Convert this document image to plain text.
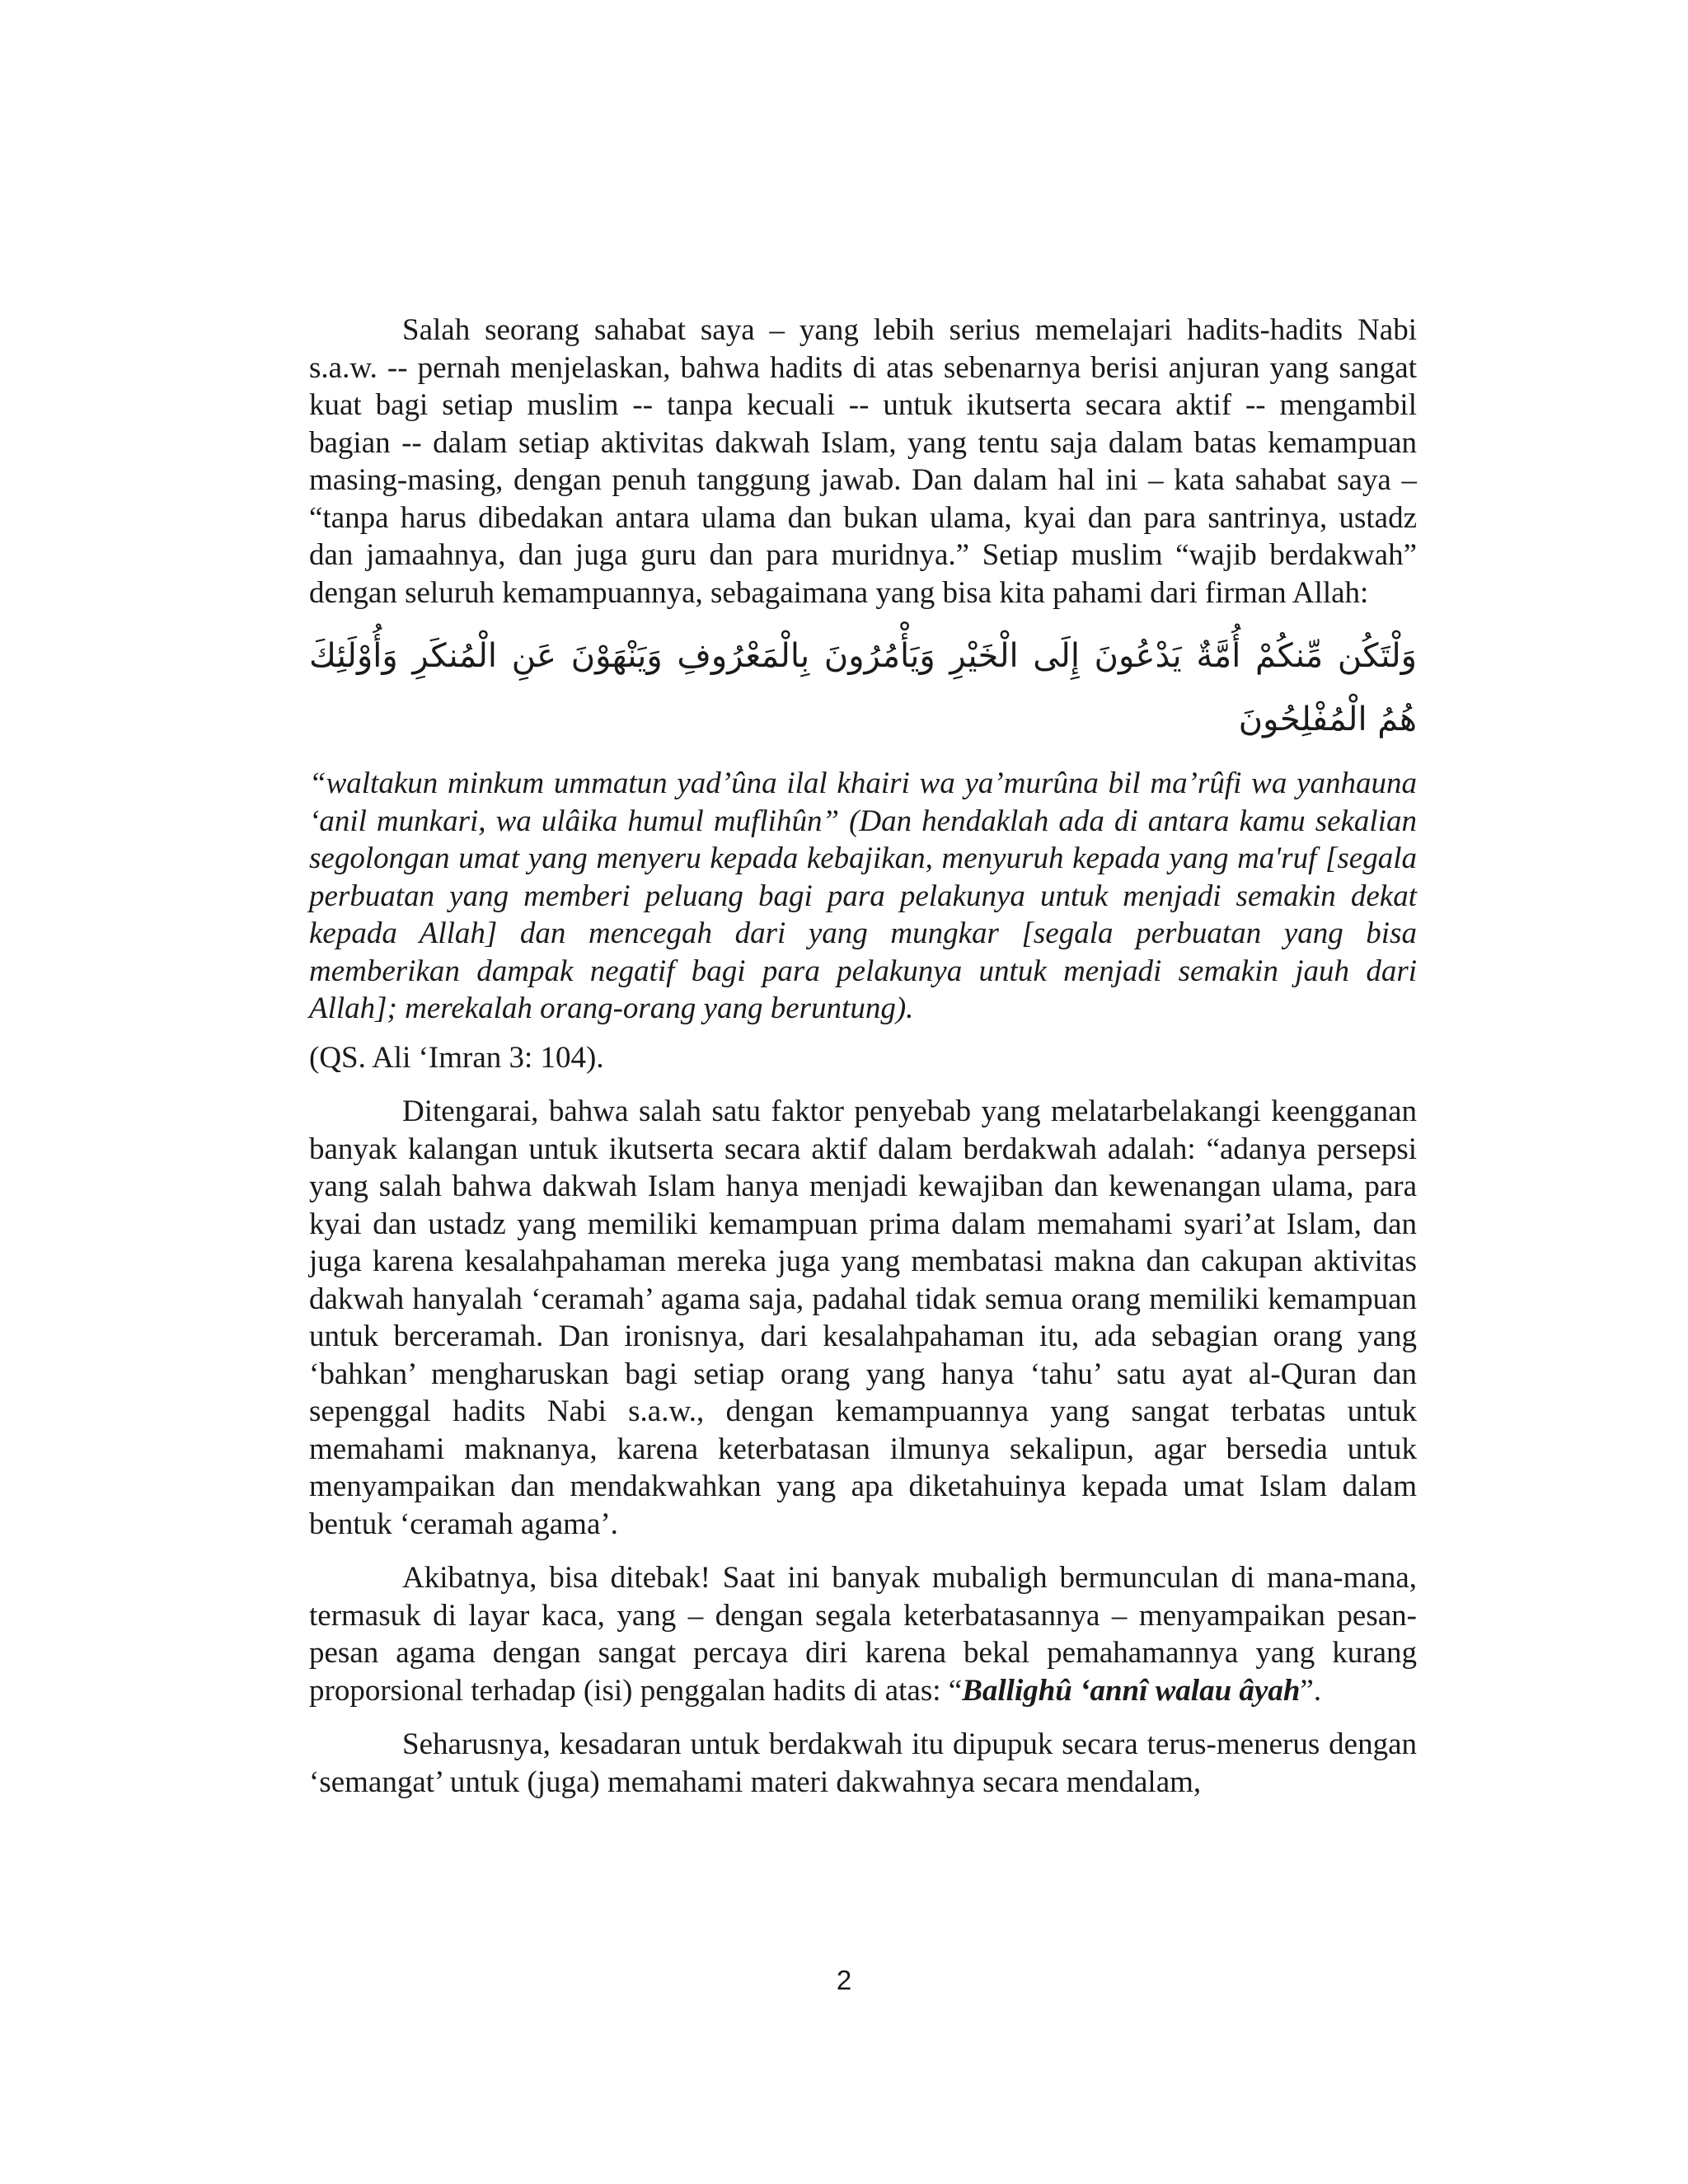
Salah seorang sahabat saya – yang lebih serius memelajari hadits-hadits Nabi s.a.w. -- pernah menjelaskan, bahwa hadits di atas sebenarnya berisi anjuran yang sangat kuat bagi setiap muslim -- tanpa kecuali -- untuk ikutserta secara aktif -- mengambil bagian -- dalam setiap aktivitas dakwah Islam, yang tentu saja dalam batas kemampuan masing-masing, dengan penuh tanggung jawab. Dan dalam hal ini – kata sahabat saya – “tanpa harus dibedakan antara ulama dan bukan ulama, kyai dan para santrinya, ustadz dan jamaahnya, dan juga guru dan para muridnya.” Setiap muslim “wajib berdakwah” dengan seluruh kemampuannya, sebagaimana yang bisa kita pahami dari firman Allah:

وَلْتَكُن مِّنكُمْ أُمَّةٌ يَدْعُونَ إِلَى الْخَيْرِ وَيَأْمُرُونَ بِالْمَعْرُوفِ وَيَنْهَوْنَ عَنِ الْمُنكَرِ وَأُوْلَئِكَ هُمُ الْمُفْلِحُونَ

“waltakun minkum ummatun yad’ûna ilal khairi wa ya’murûna bil ma’rûfi wa yanhauna ‘anil munkari, wa ulâika humul muflihûn” (Dan hendaklah ada di antara kamu sekalian segolongan umat yang menyeru kepada kebajikan, menyuruh kepada yang ma'ruf [segala perbuatan yang memberi peluang bagi para pelakunya untuk menjadi semakin dekat kepada Allah] dan mencegah dari yang mungkar [segala perbuatan yang bisa memberikan dampak negatif bagi para pelakunya untuk menjadi semakin jauh dari Allah]; merekalah orang-orang yang beruntung).

(QS. Ali ‘Imran 3: 104).

Ditengarai, bahwa salah satu faktor penyebab yang melatarbelakangi keengganan banyak kalangan untuk ikutserta secara aktif dalam berdakwah adalah: “adanya persepsi yang salah bahwa dakwah Islam hanya menjadi kewajiban dan kewenangan ulama, para kyai dan ustadz yang memiliki kemampuan prima dalam memahami syari’at Islam, dan juga karena kesalahpahaman mereka juga yang membatasi makna dan cakupan aktivitas dakwah hanyalah ‘ceramah’ agama saja, padahal tidak semua orang memiliki kemampuan untuk berceramah. Dan ironisnya, dari kesalahpahaman itu, ada sebagian orang yang ‘bahkan’ mengharuskan bagi setiap orang yang hanya ‘tahu’ satu ayat al-Quran dan sepenggal hadits Nabi s.a.w., dengan kemampuannya yang sangat terbatas untuk memahami maknanya, karena keterbatasan ilmunya sekalipun, agar bersedia untuk menyampaikan dan mendakwahkan yang apa diketahuinya kepada umat Islam dalam bentuk ‘ceramah agama’.

Akibatnya, bisa ditebak! Saat ini banyak mubaligh bermunculan di mana-mana, termasuk di layar kaca, yang – dengan segala keterbatasannya – menyampaikan pesan-pesan agama dengan sangat percaya diri karena bekal pemahamannya yang kurang proporsional terhadap (isi) penggalan hadits di atas: “Ballighû ‘annî walau âyah”.

Seharusnya, kesadaran untuk berdakwah itu dipupuk secara terus-menerus dengan ‘semangat’ untuk (juga) memahami materi dakwahnya secara mendalam,

2
